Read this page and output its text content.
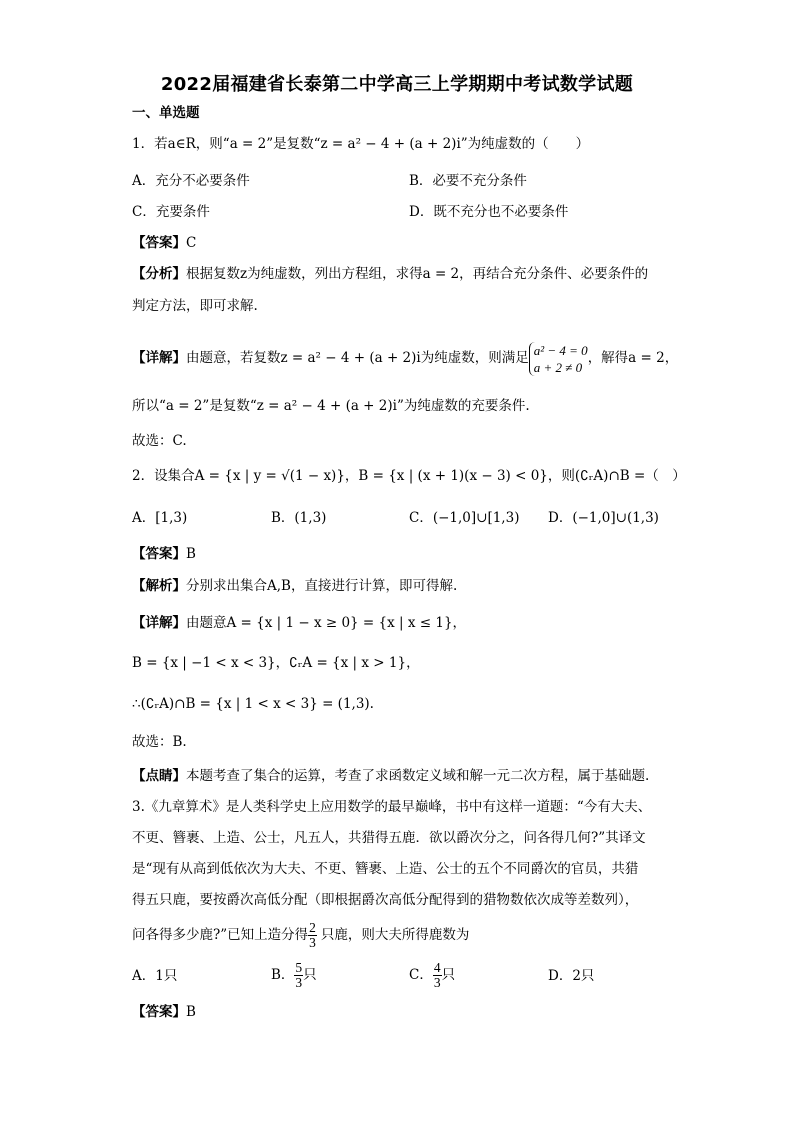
2022届福建省长泰第二中学高三上学期期中考试数学试题
一、单选题
1．若a∈R，则“a = 2”是复数“z = a² − 4 + (a + 2)i”为纯虚数的（　　）
A．充分不必要条件	B．必要不充分条件
C．充要条件	D．既不充分也不必要条件
【答案】C
【分析】根据复数z为纯虚数，列出方程组，求得a = 2，再结合充分条件、必要条件的
判定方法，即可求解.
【详解】由题意，若复数z = a² − 4 + (a + 2)i为纯虚数，则满足 a² − 4 = 0
a + 2 ≠ 0
，解得a = 2，
所以“a = 2”是复数“z = a² − 4 + (a + 2)i”为纯虚数的充要条件.
故选：C.
2．设集合A = {x | y = √(1 − x)}，B = {x | (x + 1)(x − 3) < 0}，则(∁ᵣA)∩B =（　）
A．[1,3)	B．(1,3)	C．(−1,0]∪[1,3) D．(−1,0]∪(1,3)
【答案】B
【解析】分别求出集合A,B，直接进行计算，即可得解.
【详解】由题意A = {x | 1 − x ≥ 0} = {x | x ≤ 1}，
B = {x | −1 < x < 3}，∁ᵣA = {x | x > 1}，
∴(∁ᵣA)∩B = {x | 1 < x < 3} = (1,3).
故选：B.
【点睛】本题考查了集合的运算，考查了求函数定义域和解一元二次方程，属于基础题.
3.《九章算术》是人类科学史上应用数学的最早巅峰，书中有这样一道题：“今有大夫、
不更、簪裹、上造、公士，凡五人，共猎得五鹿．欲以爵次分之，问各得几何?”其译文
是“现有从高到低依次为大夫、不更、簪裹、上造、公士的五个不同爵次的官员，共猎
得五只鹿，要按爵次高低分配（即根据爵次高低分配得到的猎物数依次成等差数列），
问各得多少鹿?”已知上造分得 $\frac{2}{3}$ 只鹿，则大夫所得鹿数为
A．1只	B． $\frac{5}{3}$ 只	C． $\frac{4}{3}$ 只	D．2只
【答案】B
